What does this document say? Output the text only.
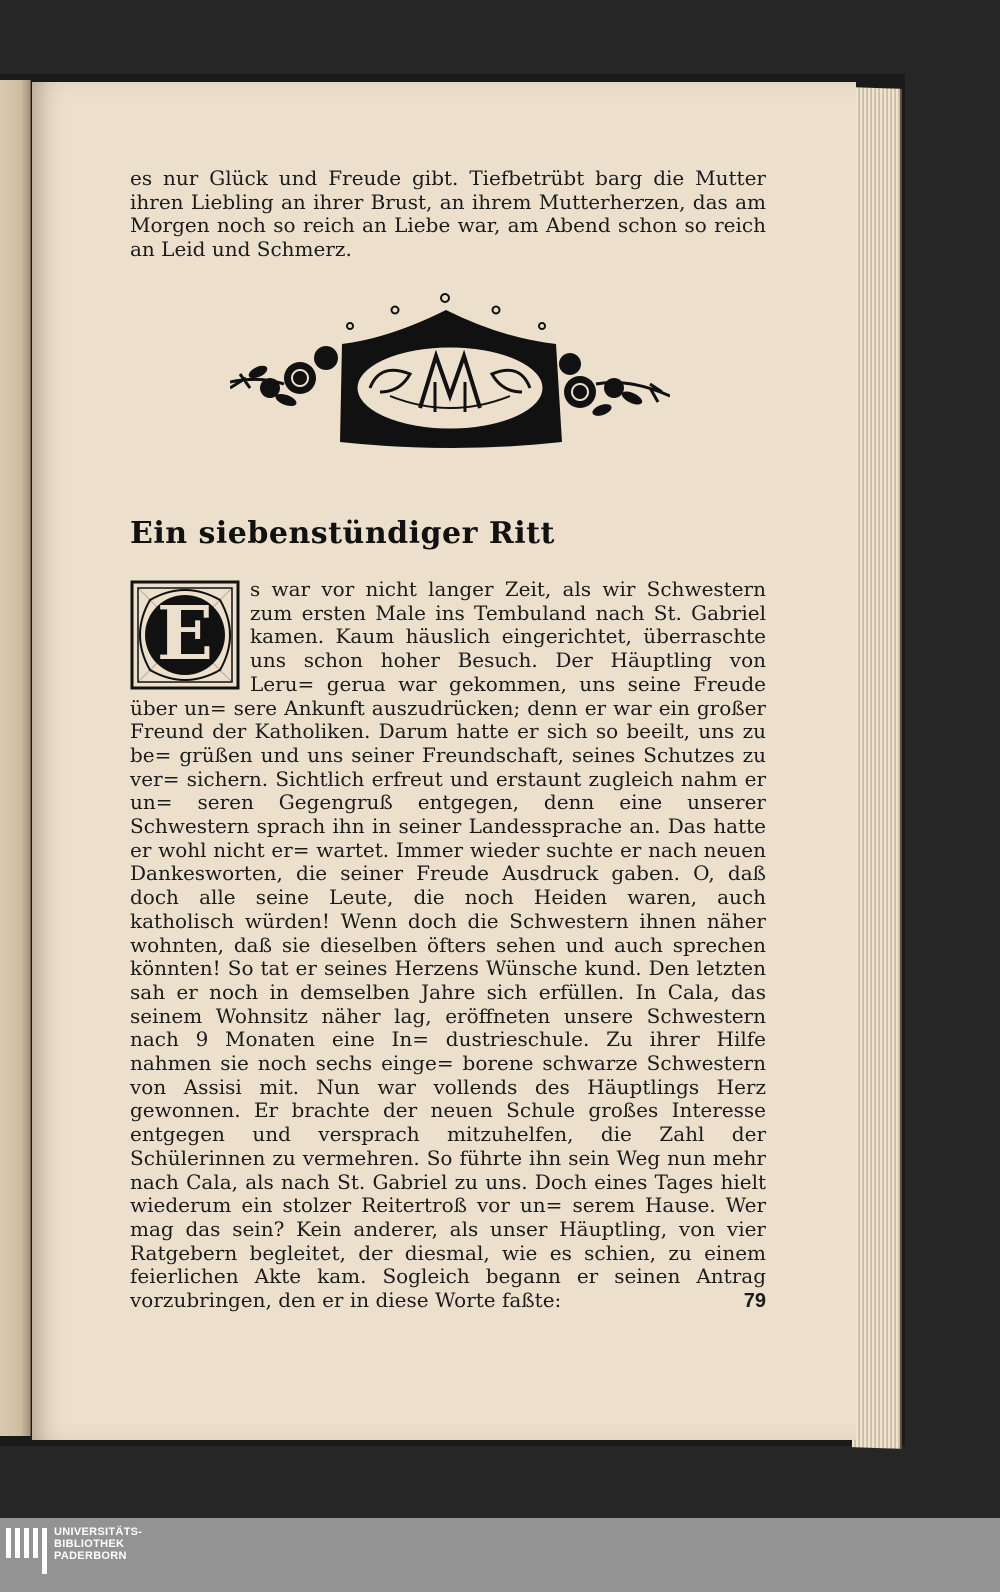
es nur Glück und Freude gibt. Tiefbetrübt barg die Mutter ihren Liebling an ihrer Brust, an ihrem Mutterherzen, das am Morgen noch so reich an Liebe war, am Abend schon so reich an Leid und Schmerz.

Ein siebenstündiger Ritt
E

s war vor nicht langer Zeit, als wir Schwestern zum ersten Male ins Tembuland nach St. Gabriel kamen. Kaum häuslich eingerichtet, überraschte uns schon hoher Besuch. Der Häuptling von Leru= gerua war gekommen, uns seine Freude über un= sere Ankunft auszudrücken; denn er war ein großer Freund der Katholiken. Darum hatte er sich so beeilt, uns zu be= grüßen und uns seiner Freundschaft, seines Schutzes zu ver= sichern. Sichtlich erfreut und erstaunt zugleich nahm er un= seren Gegengruß entgegen, denn eine unserer Schwestern sprach ihn in seiner Landessprache an. Das hatte er wohl nicht er= wartet. Immer wieder suchte er nach neuen Dankesworten, die seiner Freude Ausdruck gaben. O, daß doch alle seine Leute, die noch Heiden waren, auch katholisch würden! Wenn doch die Schwestern ihnen näher wohnten, daß sie dieselben öfters sehen und auch sprechen könnten! So tat er seines Herzens Wünsche kund. Den letzten sah er noch in demselben Jahre sich erfüllen. In Cala, das seinem Wohnsitz näher lag, eröffneten unsere Schwestern nach 9 Monaten eine In= dustrieschule. Zu ihrer Hilfe nahmen sie noch sechs einge= borene schwarze Schwestern von Assisi mit. Nun war vollends des Häuptlings Herz gewonnen. Er brachte der neuen Schule großes Interesse entgegen und versprach mitzuhelfen, die Zahl der Schülerinnen zu vermehren. So führte ihn sein Weg nun mehr nach Cala, als nach St. Gabriel zu uns. Doch eines Tages hielt wiederum ein stolzer Reitertroß vor un= serem Hause. Wer mag das sein? Kein anderer, als unser Häuptling, von vier Ratgebern begleitet, der diesmal, wie es schien, zu einem feierlichen Akte kam. Sogleich begann er seinen Antrag vorzubringen, den er in diese Worte faßte:	79
UNIVERSITÄTS-
BIBLIOTHEK
PADERBORN
